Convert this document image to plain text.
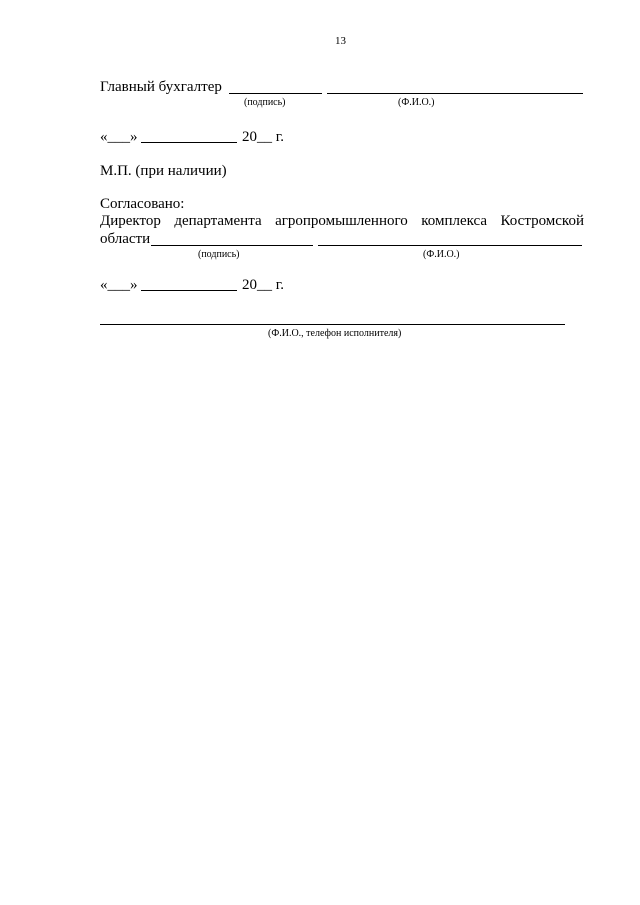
13
Главный бухгалтер
(подпись)	(Ф.И.О.)
«___»	20__ г.
М.П. (при наличии)
Согласовано:
Директор департамента агропромышленного комплекса Костромской
области
(подпись)	(Ф.И.О.)
«___»	20__ г.
(Ф.И.О., телефон исполнителя)
